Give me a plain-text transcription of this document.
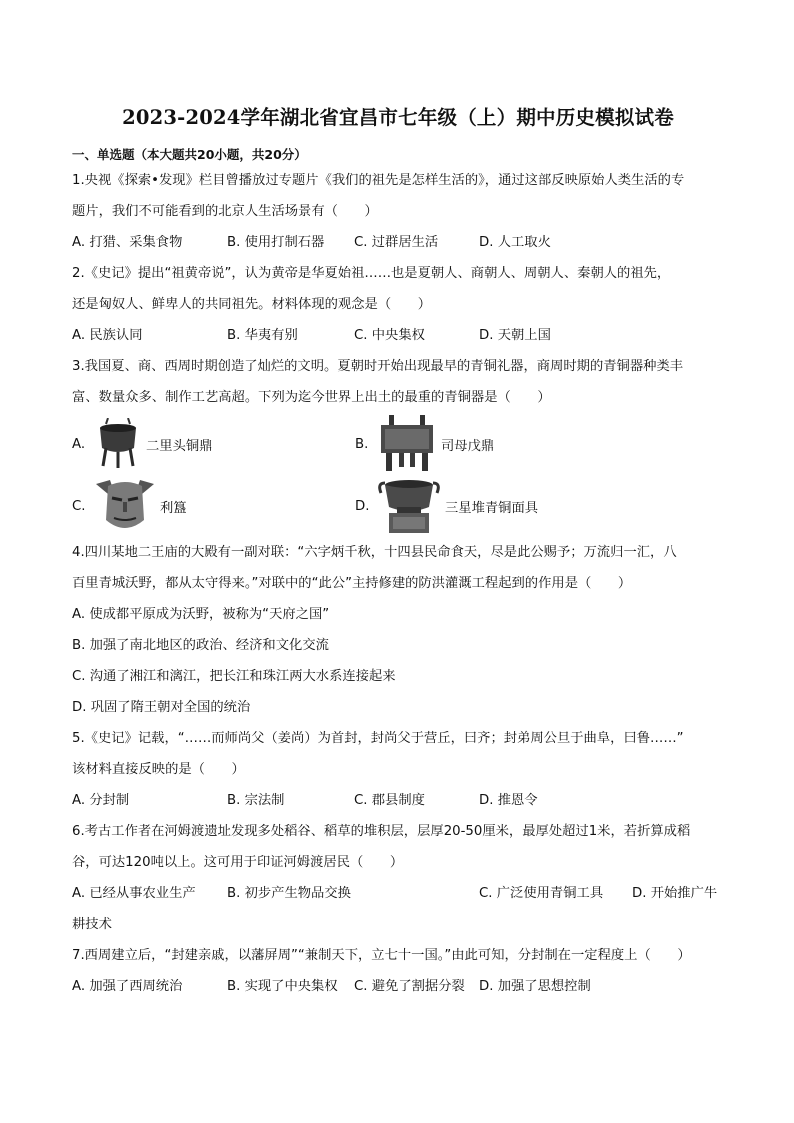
2023-2024学年湖北省宜昌市七年级（上）期中历史模拟试卷
一、单选题（本大题共20小题，共20分）
1.央视《探索•发现》栏目曾播放过专题片《我们的祖先是怎样生活的》，通过这部反映原始人类生活的专
题片，我们不可能看到的北京人生活场景有（　　）
A. 打猎、采集食物	B. 使用打制石器	C. 过群居生活	D. 人工取火
2.《史记》提出“祖黄帝说”，认为黄帝是华夏始祖……也是夏朝人、商朝人、周朝人、秦朝人的祖先，
还是匈奴人、鲜卑人的共同祖先。材料体现的观念是（　　）
A. 民族认同	B. 华夷有别	C. 中央集权	D. 天朝上国
3.我国夏、商、西周时期创造了灿烂的文明。夏朝时开始出现最早的青铜礼器，商周时期的青铜器种类丰
富、数量众多、制作工艺高超。下列为迄今世界上出土的最重的青铜器是（　　）
A.	二里头铜鼎	B.	司母戊鼎
C.	利簋	D.	三星堆青铜面具
4.四川某地二王庙的大殿有一副对联：“六字炳千秋，十四县民命食天，尽是此公赐予；万流归一汇，八
百里青城沃野，都从太守得来。”对联中的“此公”主持修建的防洪灌溉工程起到的作用是（　　）
A. 使成都平原成为沃野，被称为“天府之国”
B. 加强了南北地区的政治、经济和文化交流
C. 沟通了湘江和漓江，把长江和珠江两大水系连接起来
D. 巩固了隋王朝对全国的统治
5.《史记》记载，“……而师尚父（姜尚）为首封，封尚父于营丘，曰齐；封弟周公旦于曲阜，曰鲁……”
该材料直接反映的是（　　）
A. 分封制	B. 宗法制	C. 郡县制度	D. 推恩令
6.考古工作者在河姆渡遗址发现多处稻谷、稻草的堆积层，层厚20-50厘米，最厚处超过1米，若折算成稻
谷，可达120吨以上。这可用于印证河姆渡居民（　　）
A. 已经从事农业生产	B. 初步产生物品交换	C. 广泛使用青铜工具	D. 开始推广牛
耕技术
7.西周建立后，“封建亲戚，以藩屏周”“兼制天下，立七十一国。”由此可知，分封制在一定程度上（　　）
A. 加强了西周统治	B. 实现了中央集权	C. 避免了割据分裂	D. 加强了思想控制
